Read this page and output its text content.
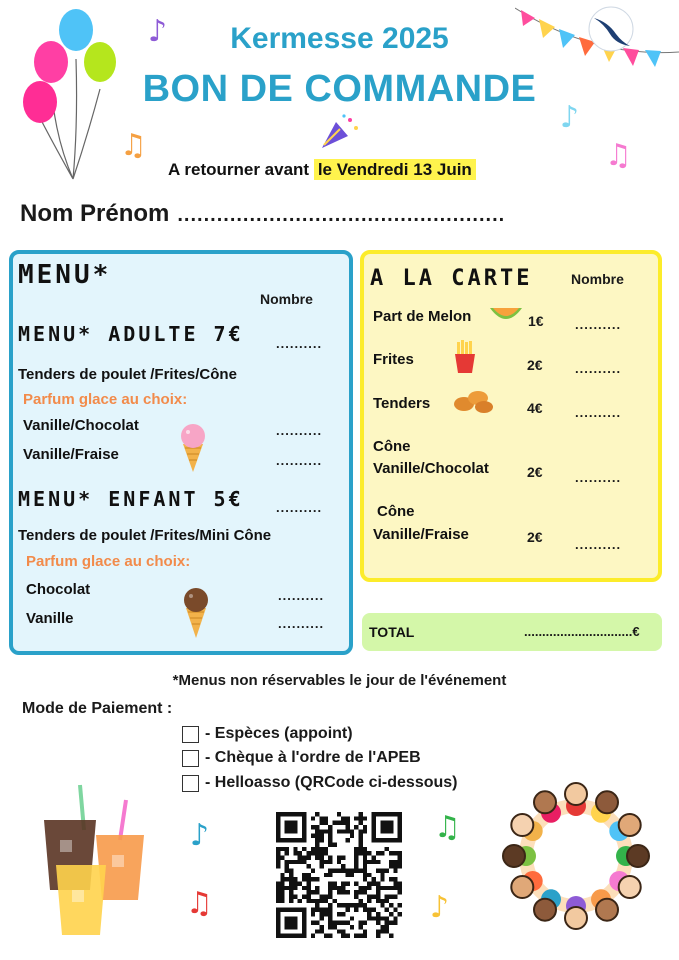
♪
♫
♪
♫
Kermesse 2025
BON DE COMMANDE
A retourner avant le Vendredi 13 Juin
Nom Prénom ..................................................
MENU*
Nombre
MENU* ADULTE 7€ ..........
Tenders de poulet /Frites/Cône
Parfum glace au choix:
Vanille/Chocolat	..........
Vanille/Fraise	..........
MENU* ENFANT 5€ ..........
Tenders de poulet /Frites/Mini Cône
Parfum glace au choix:
Chocolat	..........
Vanille	..........
A LA CARTE	Nombre
Part de Melon	1€ ..........
Frites	2€ ..........
Tenders	4€ ..........
Cône
Vanille/Chocolat	2€ ..........
Cône
Vanille/Fraise	2€ ..........
TOTAL	..............................€
*Menus non réservables le jour de l'événement
Mode de Paiement :
- Espèces (appoint)
- Chèque à l'ordre de l'APEB
- Helloasso (QRCode ci-dessous)
♪
♫
♫
♪
